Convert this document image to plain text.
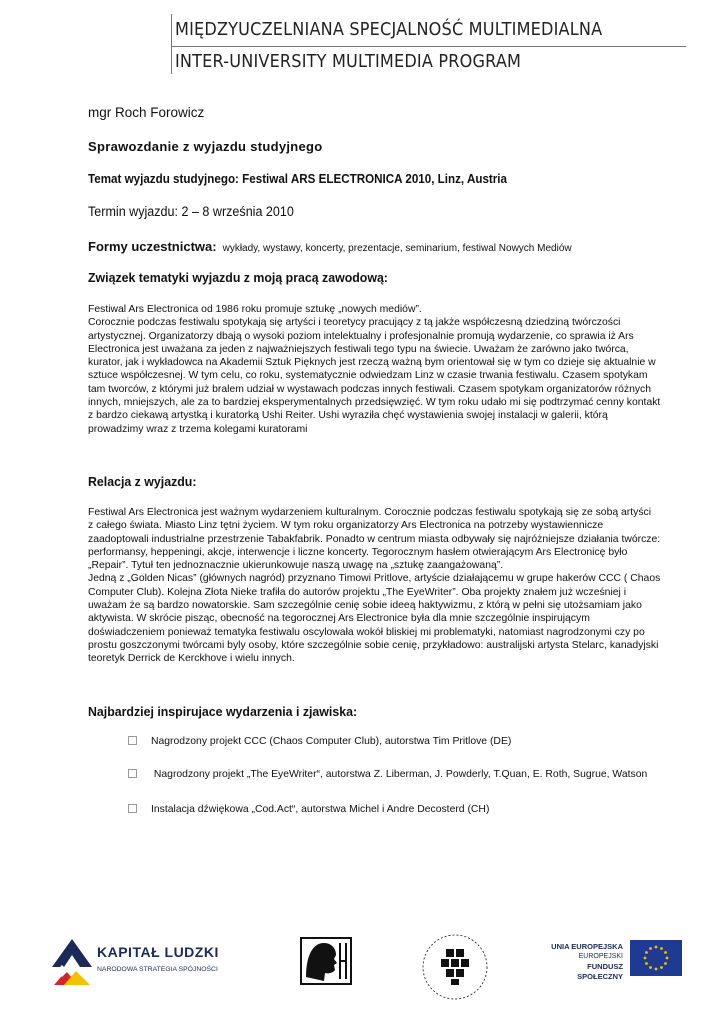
MIĘDZYUCZELNIANA SPECJALNOŚĆ MULTIMEDIALNA
INTER-UNIVERSITY MULTIMEDIA PROGRAM
mgr Roch Forowicz
Sprawozdanie z wyjazdu studyjnego
Temat wyjazdu studyjnego: Festiwal ARS ELECTRONICA 2010, Linz, Austria
Termin wyjazdu: 2 – 8 września 2010
Formy uczestnictwa: wykłady, wystawy, koncerty, prezentacje, seminarium, festiwal Nowych Mediów
Związek tematyki wyjazdu z moją pracą zawodową:
Festiwal Ars Electronica od 1986 roku promuje sztukę „nowych mediów”.
Corocznie podczas festiwalu spotykają się artyści i teoretycy pracujący z tą jakże współczesną dziedziną twórczości
artystycznej. Organizatorzy dbają o wysoki poziom intelektualny i profesjonalnie promują wydarzenie, co sprawia iż Ars
Electronica jest uważana za jeden z najważniejszych festiwali tego typu na świecie. Uważam że zarówno jako twórca,
kurator, jak i wykładowca na Akademii Sztuk Pięknych jest rzeczą ważną bym orientował się w tym co dzieje się aktualnie w
sztuce współczesnej. W tym celu, co roku, systematycznie odwiedzam Linz w czasie trwania festiwalu. Czasem spotykam
tam tworców, z którymi już bralem udział w wystawach podczas innych festiwali. Czasem spotykam organizatorów różnych
innych, mniejszych, ale za to bardziej eksperymentalnych przedsięwzięć. W tym roku udało mi się podtrzymać cenny kontakt
z bardzo ciekawą artystką i kuratorką Ushi Reiter. Ushi wyraziła chęć wystawienia swojej instalacji w galerii, którą
prowadzimy wraz z trzema kolegami kuratorami
Relacja z wyjazdu:
Festiwal Ars Electronica jest ważnym wydarzeniem kulturalnym. Corocznie podczas festiwalu spotykają się ze sobą artyści
z całego świata. Miasto Linz tętni życiem. W tym roku organizatorzy Ars Electronica na potrzeby wystawiennicze
zaadoptowali industrialne przestrzenie Tabakfabrik. Ponadto w centrum miasta odbywały się najróżniejsze działania twórcze:
performansy, heppeningi, akcje, interwencje i liczne koncerty. Tegorocznym hasłem otwierającym Ars Electronicę było
„Repair”. Tytuł ten jednoznacznie ukierunkowuje naszą uwagę na „sztukę zaangażowaną”.
Jedną z „Golden Nicas” (głównych nagród) przyznano Timowi Pritlove, artyście działającemu w grupe hakerów CCC ( Chaos
Computer Club). Kolejna Złota Nieke trafiła do autorów projektu „The EyeWriter”. Oba projekty znałem już wcześniej i
uważam że są bardzo nowatorskie. Sam szczególnie cenię sobie ideeą haktywizmu, z którą w pełni się utożsamiam jako
aktywista. W skrócie pisząc, obecność na tegorocznej Ars Electronice była dla mnie szczególnie inspirującym
doświadczeniem ponieważ tematyka festiwalu oscylowała wokół bliskiej mi problematyki, natomiast nagrodzonymi czy po
prostu goszczonymi twórcami byly osoby, które szczególnie sobie cenię, przykładowo: australijski artysta Stelarc, kanadyjski
teoretyk Derrick de Kerckhove i wielu innych.
Najbardziej inspirujace wydarzenia i zjawiska:
Nagrodzony projekt CCC (Chaos Computer Club), autorstwa Tim Pritlove (DE)
Nagrodzony projekt „The EyeWriter“, autorstwa Z. Liberman, J. Powderly, T.Quan, E. Roth, Sugrue, Watson
Instalacja dźwiękowa „Cod.Act“, autorstwa Michel i Andre Decosterd (CH)
KAPITAŁ LUDZKI
NARODOWA STRATEGIA SPÓJNOŚCI
UNIA EUROPEJSKA
EUROPEJSKI
FUNDUSZ SPOŁECZNY
